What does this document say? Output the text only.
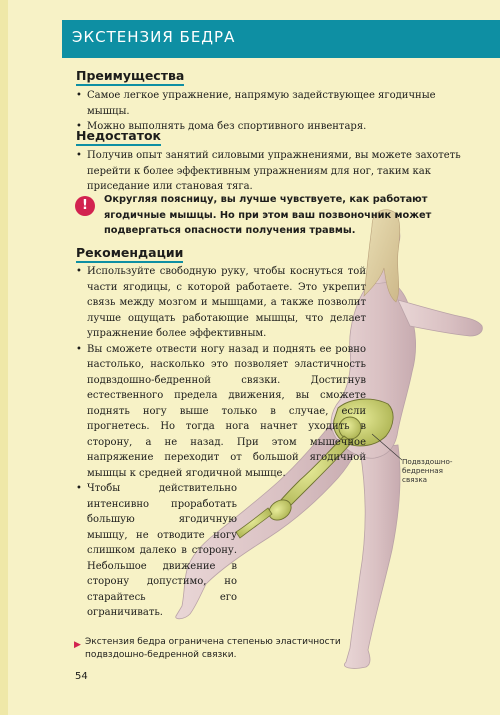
ЭКСТЕНЗИЯ БЕДРА
Преимущества
• Самое легкое упражнение, напрямую задействующее ягодичные мышцы.
• Можно выполнять дома без спортивного инвентаря.
Недостаток
• Получив опыт занятий силовыми упражнениями, вы можете захотеть перейти к более эффективным упражнениям для ног, таким как приседание или становая тяга.
!	Округляя поясницу, вы лучше чувствуете, как работают ягодичные мышцы. Но при этом ваш позвоночник может подвергаться опасности получения травмы.
Рекомендации
• Используйте свободную руку, чтобы коснуться той части ягодицы, с которой работаете. Это укрепит связь между мозгом и мышцами, а также позволит лучше ощущать работающие мышцы, что делает упражнение более эффективным.
• Вы сможете отвести ногу назад и поднять ее ровно настолько, насколько это позволяет эластичность подвздошно-бедренной связки. Достигнув естественного предела движения, вы сможете поднять ногу выше только в случае, если прогнетесь. Но тогда нога начнет уходить в сторону, а не назад. При этом мышечное напряжение переходит от большой ягодичной мышцы к средней ягодичной мышце.
• Чтобы действительно интенсивно проработать большую ягодичную мышцу, не отводите ногу слишком далеко в сторону. Небольшое движение в сторону допустимо, но старайтесь его ограничивать.
Подвздошно-бедренная связка
▶ Экстензия бедра ограничена степенью эластичности подвздошно-бедренной связки.
54
